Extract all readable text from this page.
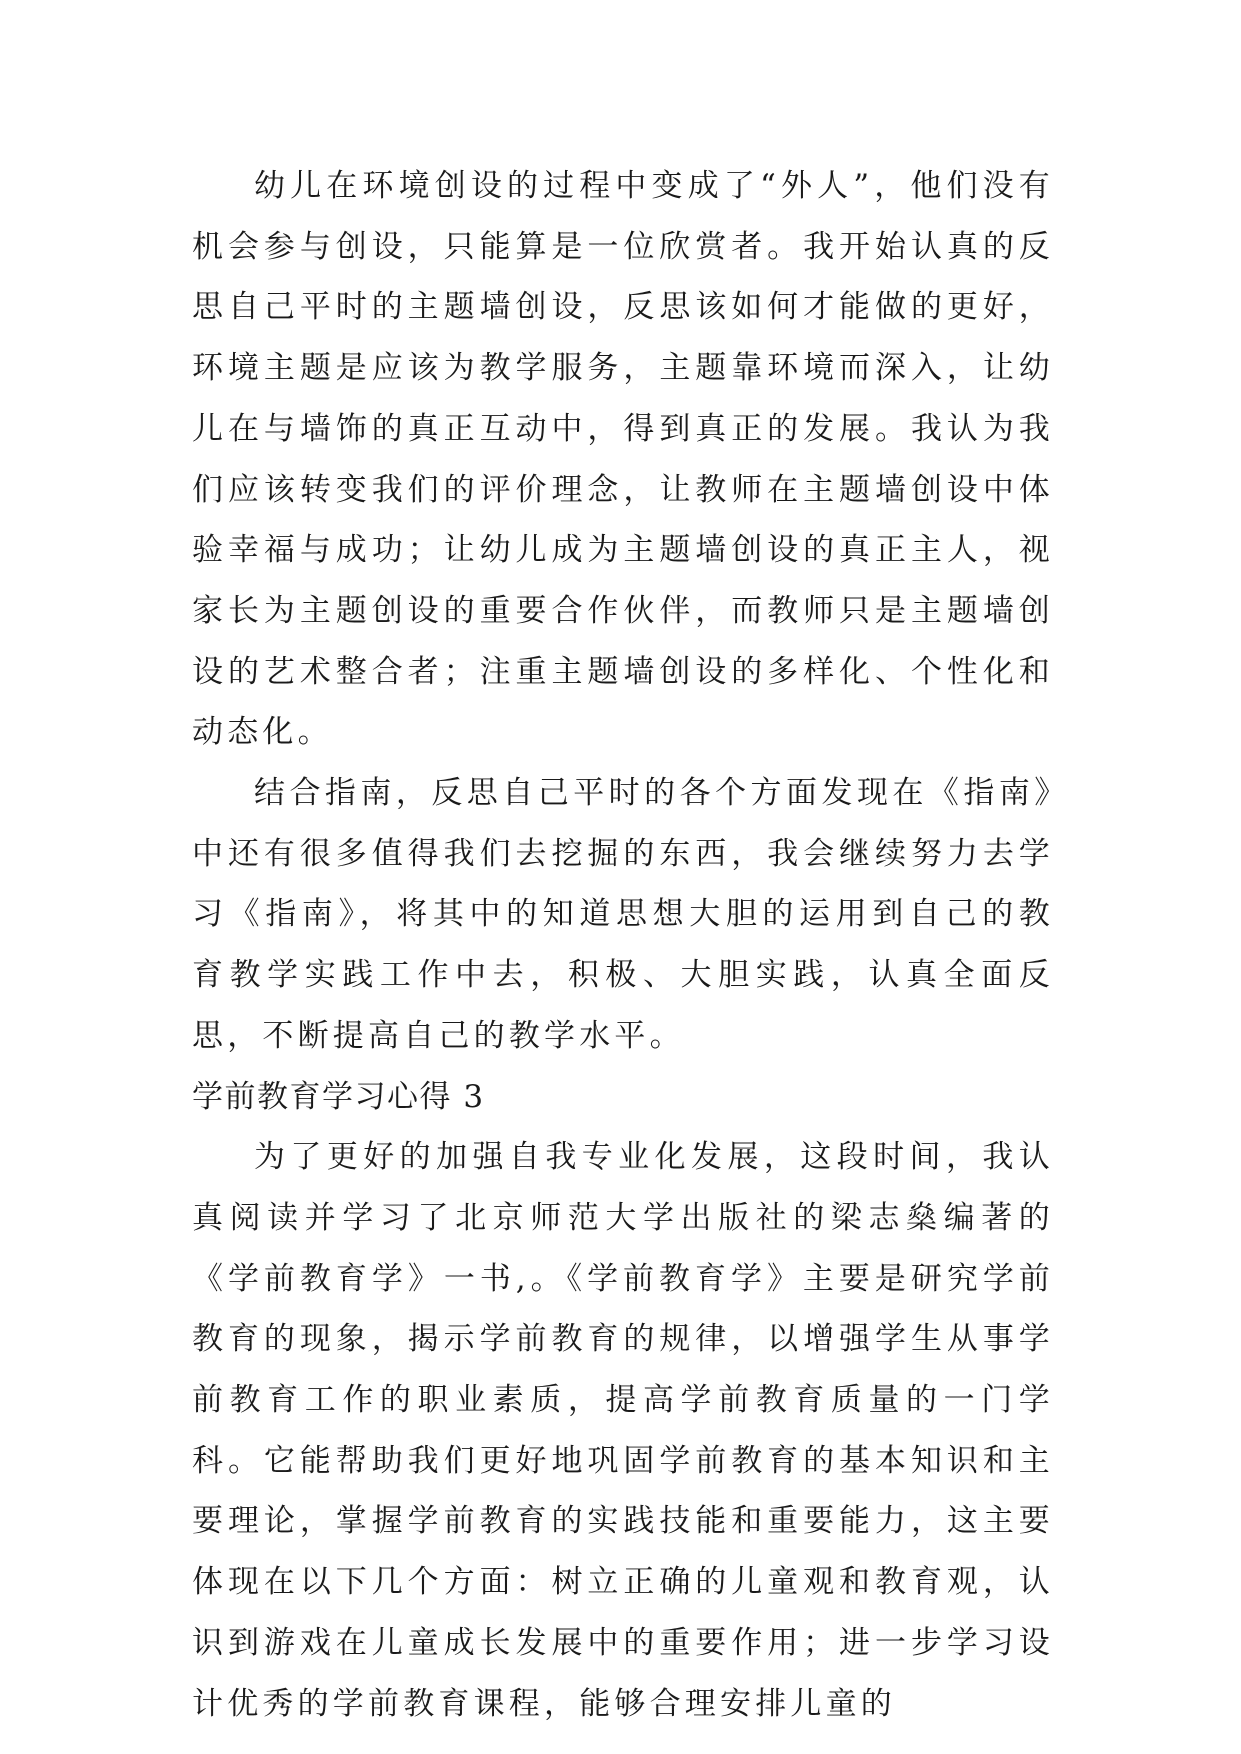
幼儿在环境创设的过程中变成了“外人”，他们没有机会参与创设，只能算是一位欣赏者。我开始认真的反思自己平时的主题墙创设，反思该如何才能做的更好，环境主题是应该为教学服务，主题靠环境而深入，让幼儿在与墙饰的真正互动中，得到真正的发展。我认为我们应该转变我们的评价理念，让教师在主题墙创设中体验幸福与成功；让幼儿成为主题墙创设的真正主人，视家长为主题创设的重要合作伙伴，而教师只是主题墙创设的艺术整合者；注重主题墙创设的多样化、个性化和动态化。

结合指南，反思自己平时的各个方面发现在《指南》中还有很多值得我们去挖掘的东西，我会继续努力去学习《指南》，将其中的知道思想大胆的运用到自己的教育教学实践工作中去，积极、大胆实践，认真全面反思，不断提高自己的教学水平。

学前教育学习心得 3

为了更好的加强自我专业化发展，这段时间，我认真阅读并学习了北京师范大学出版社的梁志燊编著的《学前教育学》一书,。《学前教育学》主要是研究学前教育的现象，揭示学前教育的规律，以增强学生从事学前教育工作的职业素质，提高学前教育质量的一门学科。它能帮助我们更好地巩固学前教育的基本知识和主要理论，掌握学前教育的实践技能和重要能力，这主要体现在以下几个方面：树立正确的儿童观和教育观，认识到游戏在儿童成长发展中的重要作用；进一步学习设计优秀的学前教育课程，能够合理安排儿童的
